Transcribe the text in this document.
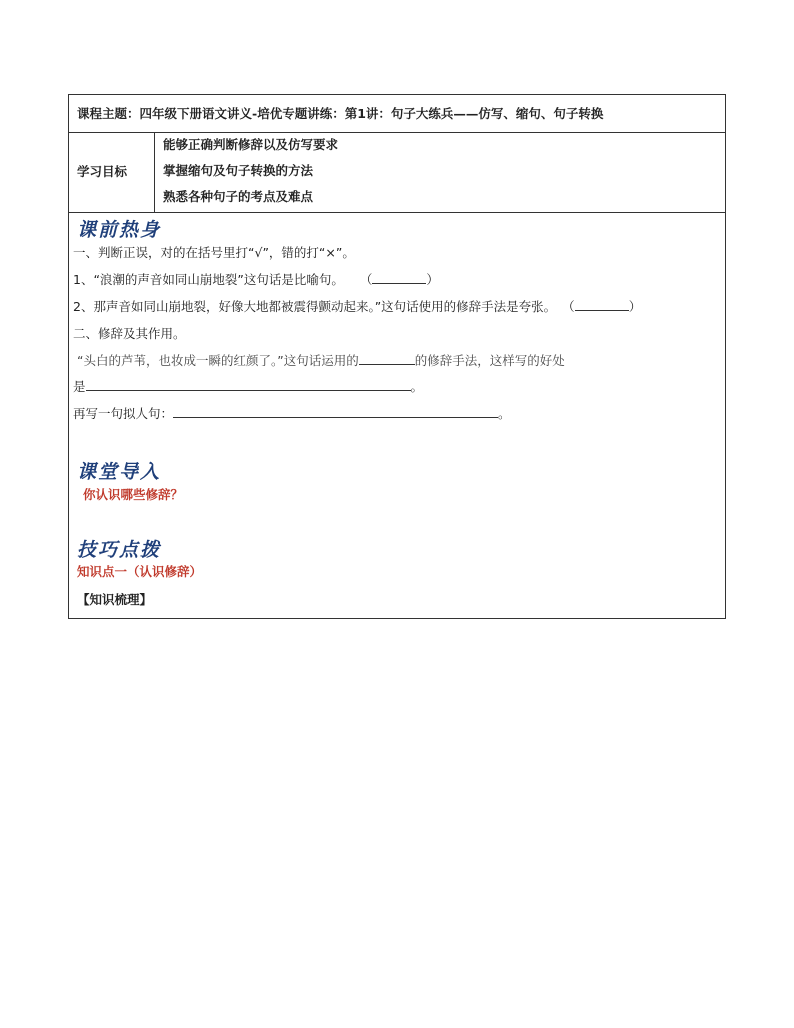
课程主题：四年级下册语文讲义-培优专题讲练：第1讲：句子大练兵——仿写、缩句、句子转换
学习目标
能够正确判断修辞以及仿写要求
掌握缩句及句子转换的方法
熟悉各种句子的考点及难点
课前热身
一、判断正误，对的在括号里打“√”，错的打“×”。
1、“浪潮的声音如同山崩地裂”这句话是比喻句。 （	）
2、那声音如同山崩地裂，好像大地都被震得颤动起来。”这句话使用的修辞手法是夸张。 （	）
二、修辞及其作用。
“头白的芦苇，也妆成一瞬的红颜了。”这句话运用的	的修辞手法，这样写的好处
是	。
再写一句拟人句：	。
课堂导入
你认识哪些修辞？
技巧点拨
知识点一（认识修辞）
【知识梳理】
